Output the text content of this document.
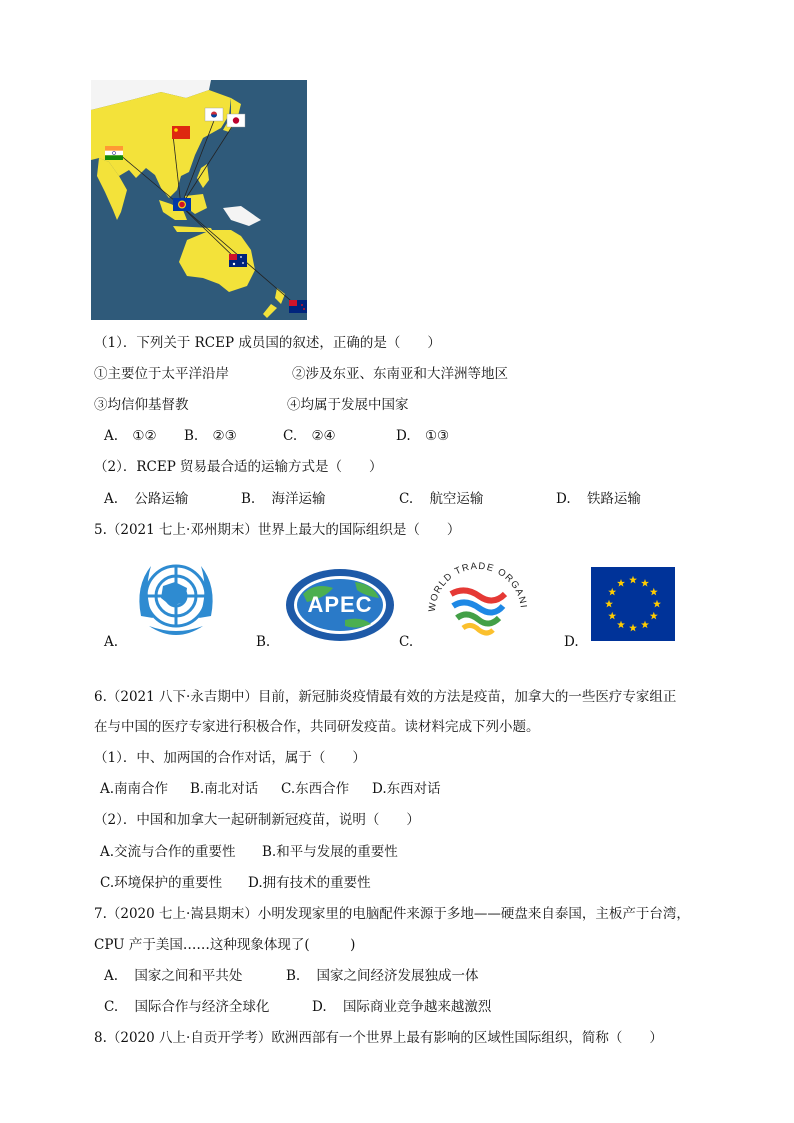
（1）．下列关于 RCEP 成员国的叙述，正确的是（　　）
①主要位于太平洋沿岸	②涉及东亚、东南亚和大洋洲等地区
③均信仰基督教	④均属于发展中国家
A. ①② B. ②③	C. ②④	D. ①③
（2）．RCEP 贸易最合适的运输方式是（　　）
A. 公路运输	B. 海洋运输	C. 航空运输	D. 铁路运输
5.（2021 七上·邓州期末）世界上最大的国际组织是（　　）
A.	B.
APEC
C.
WORLD TRADE ORGA
D.
6.（2021 八下·永吉期中）目前，新冠肺炎疫情最有效的方法是疫苗，加拿大的一些医疗专家组正
在与中国的医疗专家进行积极合作，共同研发疫苗。读材料完成下列小题。
（1）．中、加两国的合作对话，属于（　　）
A.南南合作 B.南北对话 C.东西合作 D.东西对话
（2）．中国和加拿大一起研制新冠疫苗，说明（　　）
A.交流与合作的重要性 B.和平与发展的重要性
C.环境保护的重要性 D.拥有技术的重要性
7.（2020 七上·嵩县期末）小明发现家里的电脑配件来源于多地——硬盘来自泰国，主板产于台湾，
CPU 产于美国……这种现象体现了(　　　)
A. 国家之间和平共处	B. 国家之间经济发展独成一体
C. 国际合作与经济全球化	D. 国际商业竞争越来越激烈
8.（2020 八上·自贡开学考）欧洲西部有一个世界上最有影响的区域性国际组织，简称（　　）
